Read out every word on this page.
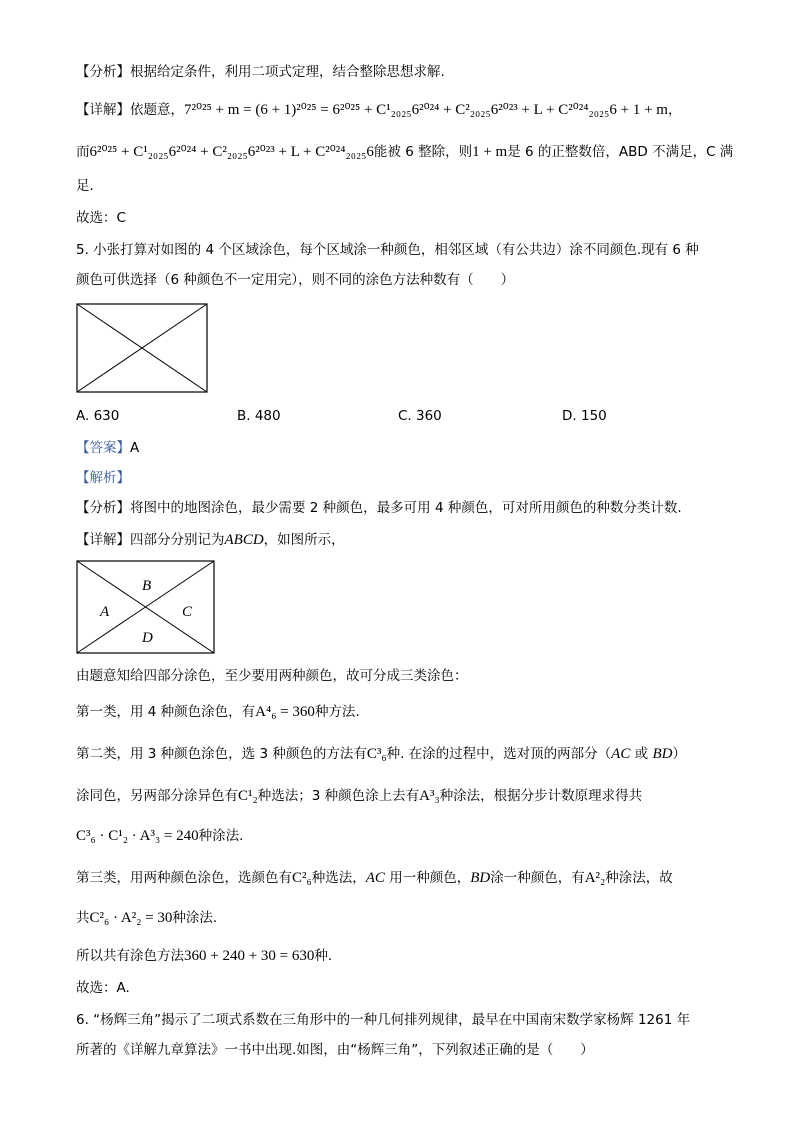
【分析】根据给定条件，利用二项式定理，结合整除思想求解.
【详解】依题意，7²⁰²⁵ + m = (6 + 1)²⁰²⁵ = 6²⁰²⁵ + C¹₂₀₂₅6²⁰²⁴ + C²₂₀₂₅6²⁰²³ + L + C²⁰²⁴₂₀₂₅6 + 1 + m，
而6²⁰²⁵ + C¹₂₀₂₅6²⁰²⁴ + C²₂₀₂₅6²⁰²³ + L + C²⁰²⁴₂₀₂₅6能被 6 整除，则1 + m是 6 的正整数倍，ABD 不满足，C 满
足.
故选：C
5. 小张打算对如图的 4 个区域涂色，每个区域涂一种颜色，相邻区域（有公共边）涂不同颜色.现有 6 种
颜色可供选择（6 种颜色不一定用完），则不同的涂色方法种数有（　　）
A. 630	B. 480	C. 360	D. 150
【答案】A
【解析】
【分析】将图中的地图涂色，最少需要 2 种颜色，最多可用 4 种颜色，可对所用颜色的种数分类计数.
【详解】四部分分别记为ABCD，如图所示，
B
A	C
D
由题意知给四部分涂色，至少要用两种颜色，故可分成三类涂色：
第一类，用 4 种颜色涂色，有A⁴₆ = 360种方法.
第二类，用 3 种颜色涂色，选 3 种颜色的方法有C³₆种. 在涂的过程中，选对顶的两部分（AC 或 BD）
涂同色，另两部分涂异色有C¹₂种选法；3 种颜色涂上去有A³₃种涂法，根据分步计数原理求得共
C³₆ · C¹₂ · A³₃ = 240种涂法.
第三类，用两种颜色涂色，选颜色有C²₆种选法，AC 用一种颜色，BD涂一种颜色，有A²₂种涂法，故
共C²₆ · A²₂ = 30种涂法.
所以共有涂色方法360 + 240 + 30 = 630种.
故选：A.
6. “杨辉三角”揭示了二项式系数在三角形中的一种几何排列规律，最早在中国南宋数学家杨辉 1261 年
所著的《详解九章算法》一书中出现.如图，由“杨辉三角”，下列叙述正确的是（　　）
